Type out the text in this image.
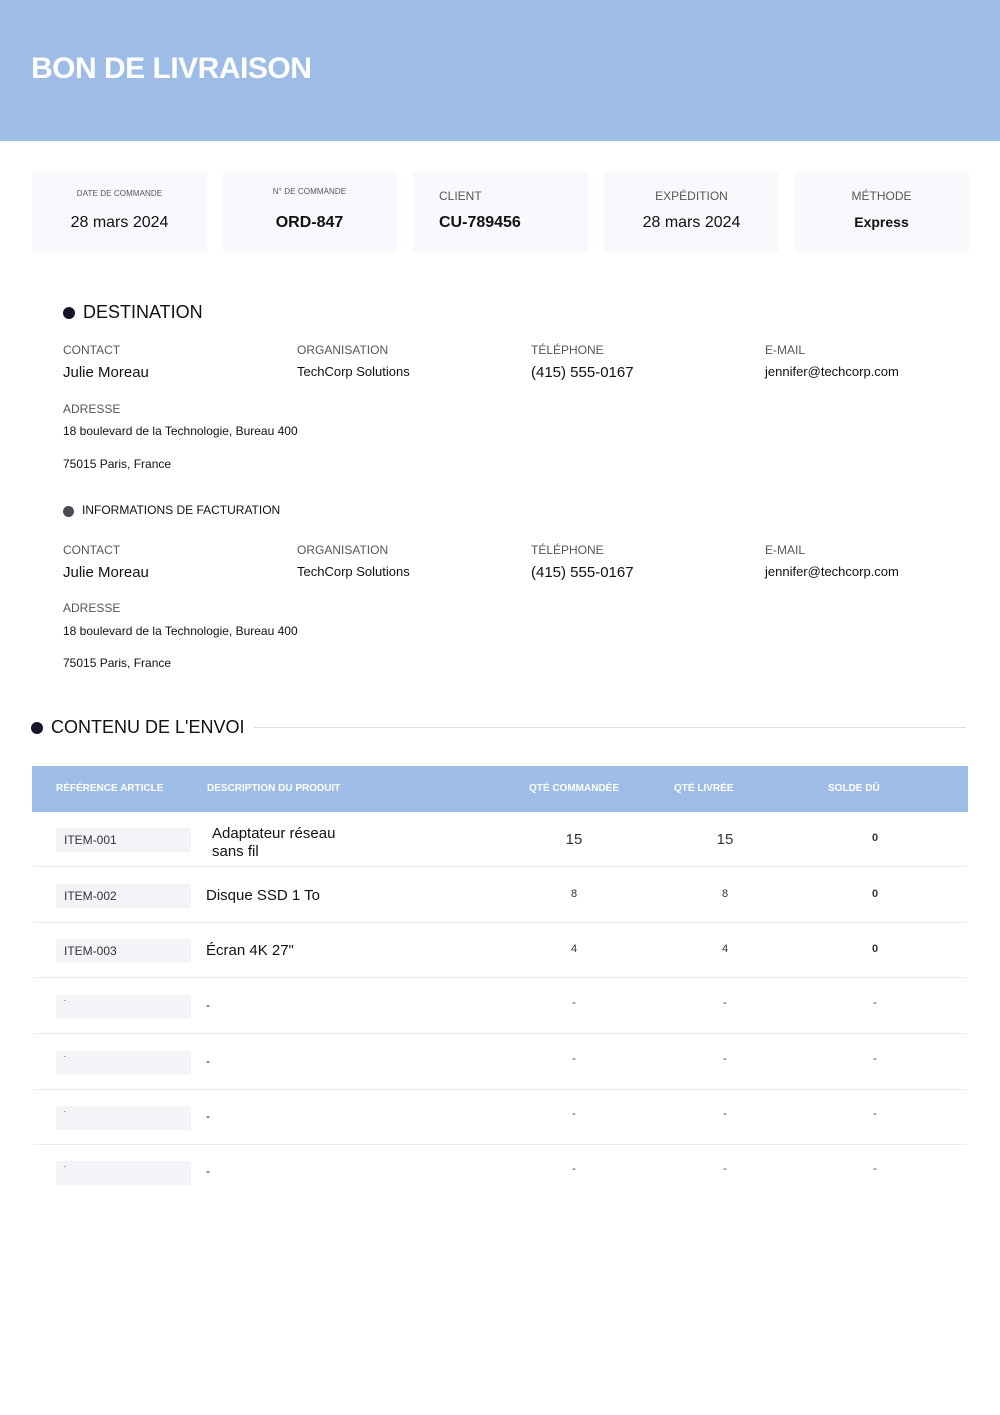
BON DE LIVRAISON
DATE DE COMMANDE
28 mars 2024
N° DE COMMANDE
ORD-847
CLIENT
CU-789456
EXPÉDITION
28 mars 2024
MÉTHODE
Express
DESTINATION
CONTACT
Julie Moreau
ORGANISATION
TechCorp Solutions
TÉLÉPHONE
(415) 555-0167
E-MAIL
jennifer@techcorp.com
ADRESSE
18 boulevard de la Technologie, Bureau 400
75015 Paris, France
INFORMATIONS DE FACTURATION
CONTACT
Julie Moreau
ORGANISATION
TechCorp Solutions
TÉLÉPHONE
(415) 555-0167
E-MAIL
jennifer@techcorp.com
ADRESSE
18 boulevard de la Technologie, Bureau 400
75015 Paris, France
CONTENU DE L'ENVOI
RÉFÉRENCE ARTICLE	DESCRIPTION DU PRODUIT	QTÉ COMMANDÉE	QTÉ LIVRÉE	SOLDE DÛ
ITEM-001	Adaptateur réseau
sans fil
15	15	0
ITEM-002	Disque SSD 1 To	8	8	0
ITEM-003	Écran 4K 27"	4	4	0
-	-	-	-	-
-	-	-	-	-
-	-	-	-	-
-	-	-	-	-
